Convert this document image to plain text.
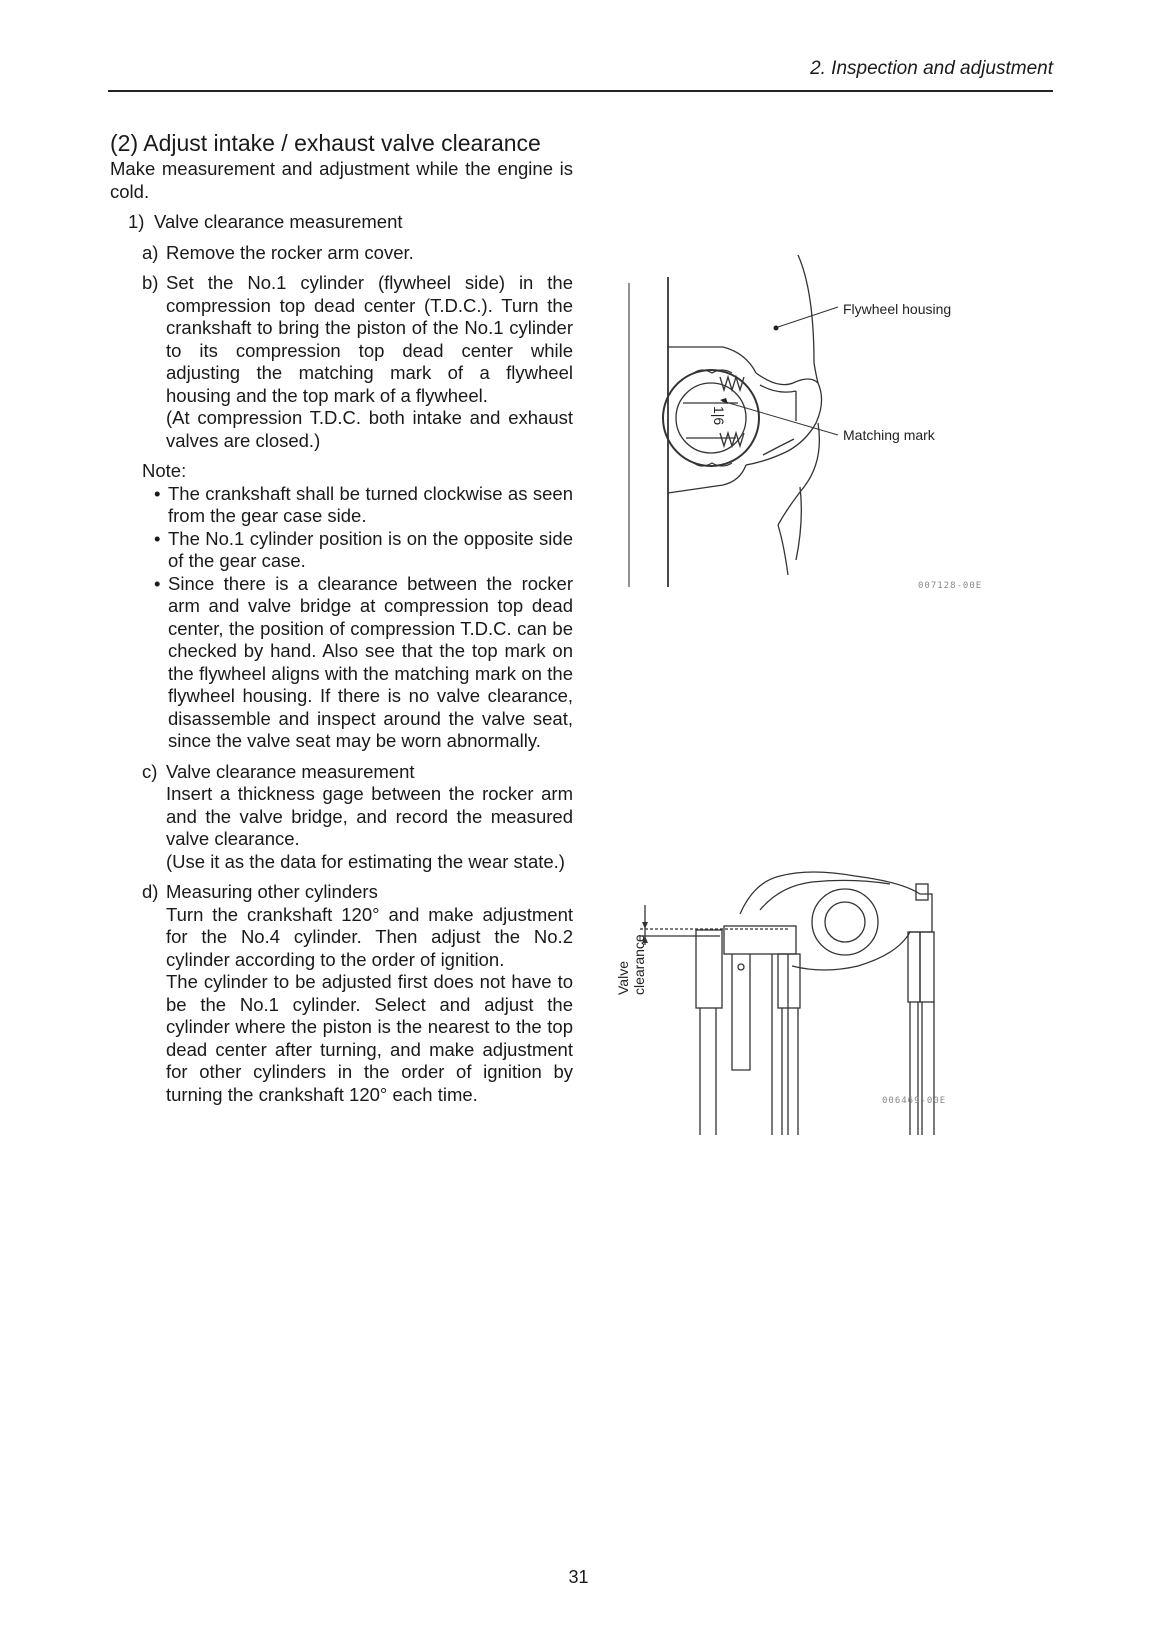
2. Inspection and adjustment

(2) Adjust intake / exhaust valve clearance

Make measurement and adjustment while the engine is cold.

1) Valve clearance measurement
a) Remove the rocker arm cover.
b) Set the No.1 cylinder (flywheel side) in the compression top dead center (T.D.C.). Turn the crankshaft to bring the piston of the No.1 cylinder to its compression top dead center while adjusting the matching mark of a flywheel housing and the top mark of a flywheel.

(At compression T.D.C. both intake and exhaust valves are closed.)

Note:
• The crankshaft shall be turned clockwise as seen from the gear case side.
• The No.1 cylinder position is on the opposite side of the gear case.
• Since there is a clearance between the rocker arm and valve bridge at compression top dead center, the position of compression T.D.C. can be checked by hand. Also see that the top mark on the flywheel aligns with the matching mark on the flywheel housing. If there is no valve clearance, disassemble and inspect around the valve seat, since the valve seat may be worn abnormally.
c) Valve clearance measurement

Insert a thickness gage between the rocker arm and the valve bridge, and record the measured valve clearance.

(Use it as the data for estimating the wear state.)

d) Measuring other cylinders

Turn the crankshaft 120° and make adjustment for the No.4 cylinder. Then adjust the No.2 cylinder according to the order of ignition.

The cylinder to be adjusted first does not have to be the No.1 cylinder. Select and adjust the cylinder where the piston is the nearest to the top dead center after turning, and make adjustment for other cylinders in the order of ignition by turning the crankshaft 120° each time.

1|6
Flywheel housing
Matching mark
007128-00E
Valve clearance
006469-00E
31
